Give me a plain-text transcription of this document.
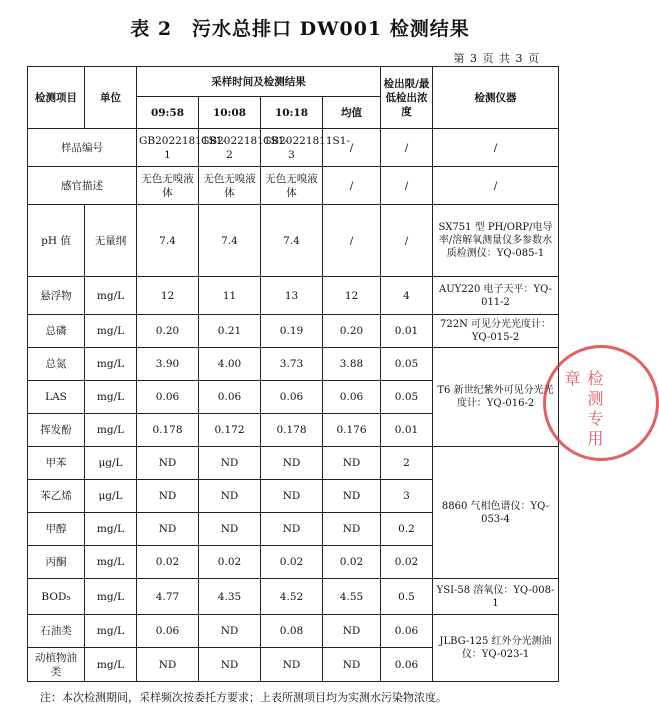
表 2　污水总排口 DW001 检测结果
第 3 页 共 3 页
检测项目	单位	采样时间及检测结果				检出限/最低检出浓度	检测仪器
		09:58	10:08	10:18	均值		
样品编号		GB20221811S1-1	GB20221811S1-2	GB20221811S1-3	/	/	/
感官描述		无色无嗅液体	无色无嗅液体	无色无嗅液体	/	/	/
pH 值	无量纲	7.4	7.4	7.4	/	/	SX751 型 PH/ORP/电导率/溶解氧测量仪多参数水质检测仪：YQ-085-1
悬浮物	mg/L	12	11	13	12	4	AUY220 电子天平：YQ-011-2
总磷	mg/L	0.20	0.21	0.19	0.20	0.01	722N 可见分光光度计：YQ-015-2
总氮	mg/L	3.90	4.00	3.73	3.88	0.05	T6 新世纪紫外可见分光光度计：YQ-016-2
LAS	mg/L	0.06	0.06	0.06	0.06	0.05	
挥发酚	mg/L	0.178	0.172	0.178	0.176	0.01	
甲苯	μg/L	ND	ND	ND	ND	2	8860 气相色谱仪：YQ-053-4
苯乙烯	μg/L	ND	ND	ND	ND	3	
甲醇	mg/L	ND	ND	ND	ND	0.2	
丙酮	mg/L	0.02	0.02	0.02	0.02	0.02	
BOD₅	mg/L	4.77	4.35	4.52	4.55	0.5	YSI-58 溶氧仪：YQ-008-1
石油类	mg/L	0.06	ND	0.08	ND	0.06	JLBG-125 红外分光测油仪：YQ-023-1
动植物油类	mg/L	ND	ND	ND	ND	0.06	
检测专用章
注：本次检测期间，采样频次按委托方要求；上表所测项目均为实测水污染物浓度。
